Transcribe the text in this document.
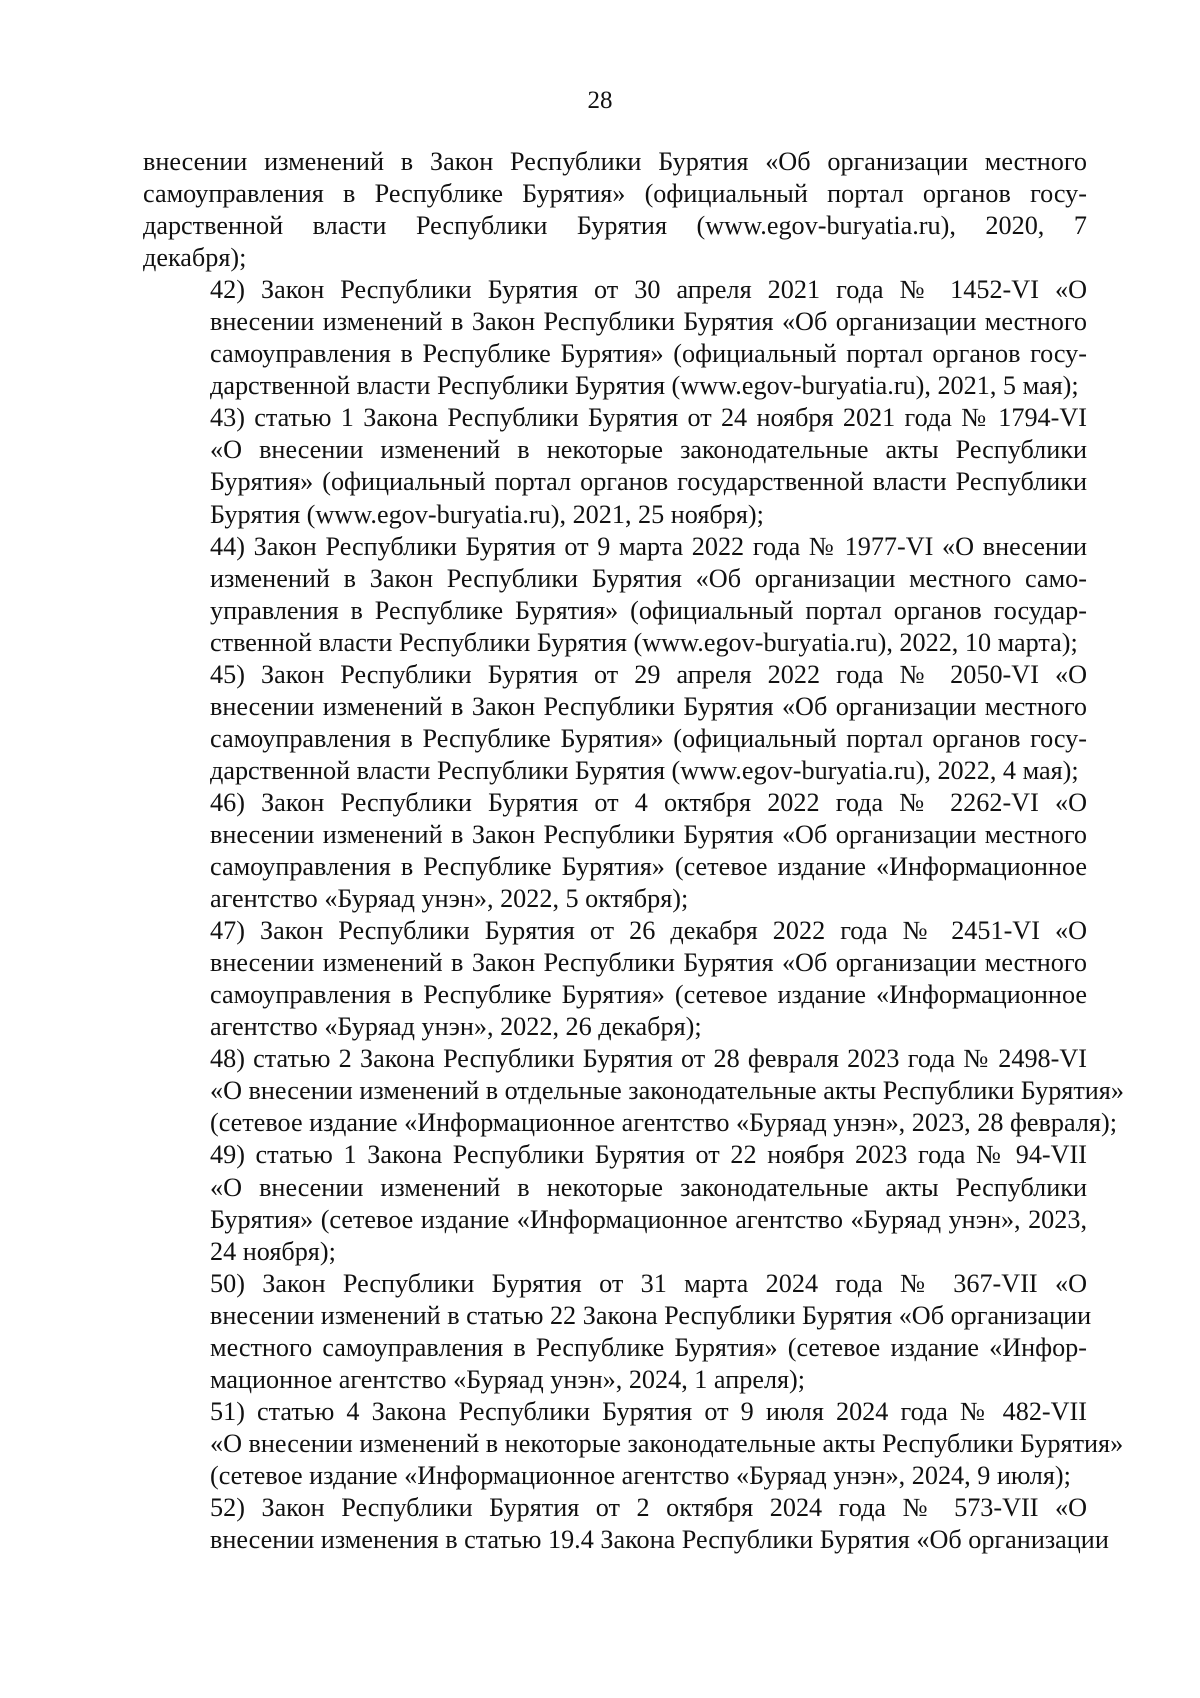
28
внесении изменений в Закон Республики Бурятия «Об организации местного
самоуправления в Республике Бурятия» (официальный портал органов госу-
дарственной власти Республики Бурятия (www.egov-buryatia.ru), 2020, 7
декабря);
42) Закон Республики Бурятия от 30 апреля 2021 года № 1452-VI «О
внесении изменений в Закон Республики Бурятия «Об организации местного
самоуправления в Республике Бурятия» (официальный портал органов госу-
дарственной власти Республики Бурятия (www.egov-buryatia.ru), 2021, 5 мая);
43) статью 1 Закона Республики Бурятия от 24 ноября 2021 года № 1794-VI
«О внесении изменений в некоторые законодательные акты Республики
Бурятия» (официальный портал органов государственной власти Республики
Бурятия (www.egov-buryatia.ru), 2021, 25 ноября);
44) Закон Республики Бурятия от 9 марта 2022 года № 1977-VI «О внесении
изменений в Закон Республики Бурятия «Об организации местного само-
управления в Республике Бурятия» (официальный портал органов государ-
ственной власти Республики Бурятия (www.egov-buryatia.ru), 2022, 10 марта);
45) Закон Республики Бурятия от 29 апреля 2022 года № 2050-VI «О
внесении изменений в Закон Республики Бурятия «Об организации местного
самоуправления в Республике Бурятия» (официальный портал органов госу-
дарственной власти Республики Бурятия (www.egov-buryatia.ru), 2022, 4 мая);
46) Закон Республики Бурятия от 4 октября 2022 года № 2262-VI «О
внесении изменений в Закон Республики Бурятия «Об организации местного
самоуправления в Республике Бурятия» (сетевое издание «Информационное
агентство «Буряад унэн», 2022, 5 октября);
47) Закон Республики Бурятия от 26 декабря 2022 года № 2451-VI «О
внесении изменений в Закон Республики Бурятия «Об организации местного
самоуправления в Республике Бурятия» (сетевое издание «Информационное
агентство «Буряад унэн», 2022, 26 декабря);
48) статью 2 Закона Республики Бурятия от 28 февраля 2023 года № 2498-VI
«О внесении изменений в отдельные законодательные акты Республики Бурятия»
(сетевое издание «Информационное агентство «Буряад унэн», 2023, 28 февраля);
49) статью 1 Закона Республики Бурятия от 22 ноября 2023 года № 94-VII
«О внесении изменений в некоторые законодательные акты Республики
Бурятия» (сетевое издание «Информационное агентство «Буряад унэн», 2023,
24 ноября);
50) Закон Республики Бурятия от 31 марта 2024 года № 367-VII «О
внесении изменений в статью 22 Закона Республики Бурятия «Об организации
местного самоуправления в Республике Бурятия» (сетевое издание «Инфор-
мационное агентство «Буряад унэн», 2024, 1 апреля);
51) статью 4 Закона Республики Бурятия от 9 июля 2024 года № 482-VII
«О внесении изменений в некоторые законодательные акты Республики Бурятия»
(сетевое издание «Информационное агентство «Буряад унэн», 2024, 9 июля);
52) Закон Республики Бурятия от 2 октября 2024 года № 573-VII «О
внесении изменения в статью 19.4 Закона Республики Бурятия «Об организации
